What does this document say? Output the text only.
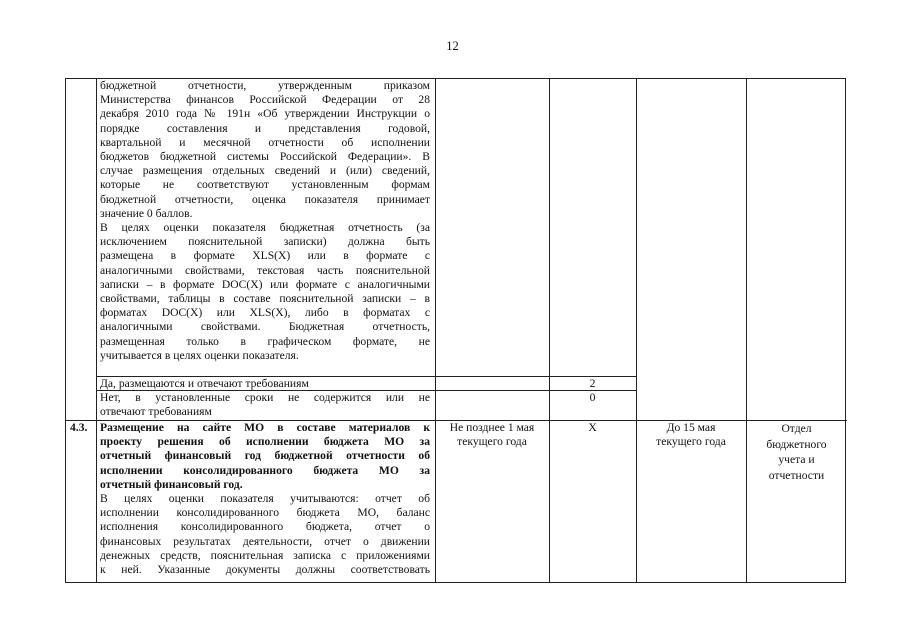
12
бюджетной отчетности, утвержденным приказом
Министерства финансов Российской Федерации от 28
декабря 2010 года № 191н «Об утверждении Инструкции о
порядке составления и представления годовой,
квартальной и месячной отчетности об исполнении
бюджетов бюджетной системы Российской Федерации». В
случае размещения отдельных сведений и (или) сведений,
которые не соответствуют установленным формам
бюджетной отчетности, оценка показателя принимает
значение 0 баллов.
В целях оценки показателя бюджетная отчетность (за
исключением пояснительной записки) должна быть
размещена в формате XLS(X) или в формате с
аналогичными свойствами, текстовая часть пояснительной
записки – в формате DOC(X) или формате с аналогичными
свойствами, таблицы в составе пояснительной записки – в
форматах DOC(X) или XLS(X), либо в форматах с
аналогичными свойствами. Бюджетная отчетность,
размещенная только в графическом формате, не
учитывается в целях оценки показателя.
Да, размещаются и отвечают требованиям	2
Нет, в установленные сроки не содержится или не
отвечают требованиям
0
4.3. Размещение на сайте МО в составе материалов к
проекту решения об исполнении бюджета МО за
отчетный финансовый год бюджетной отчетности об
исполнении консолидированного бюджета МО за
отчетный финансовый год.
В целях оценки показателя учитываются: отчет об
исполнении консолидированного бюджета МО, баланс
исполнения консолидированного бюджета, отчет о
финансовых результатах деятельности, отчет о движении
денежных средств, пояснительная записка с приложениями
к ней. Указанные документы должны соответствовать
Не позднее 1 мая
текущего года
Х	До 15 мая
текущего года
Отдел
бюджетного
учета и
отчетности
